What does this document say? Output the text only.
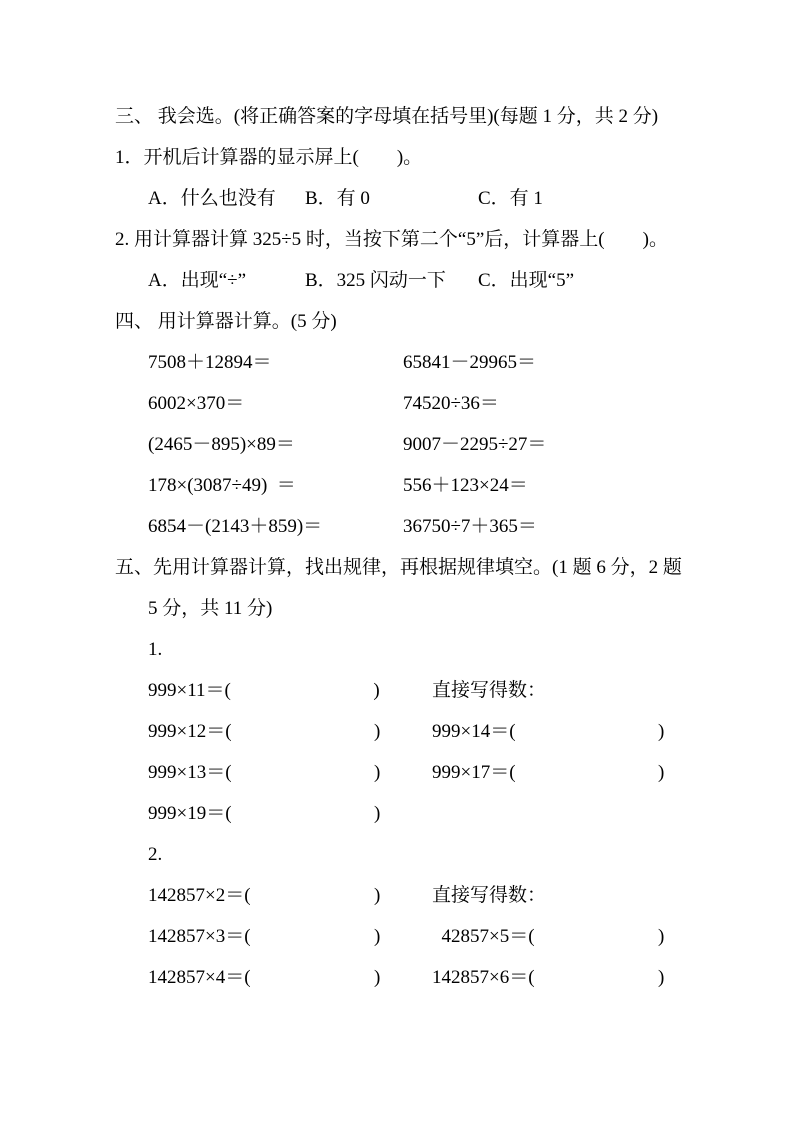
三、 我会选。(将正确答案的字母填在括号里)(每题 1 分，共 2 分)
1．开机后计算器的显示屏上(        )。
A．什么也没有	B．有 0	C．有 1
2. 用计算器计算 325÷5 时，当按下第二个“5”后，计算器上(        )。
A．出现“÷”	B．325 闪动一下	C．出现“5”
四、 用计算器计算。(5 分)
7508＋12894＝	65841－29965＝
6002×370＝	74520÷36＝
(2465－895)×89＝	9007－2295÷27＝
178×(3087÷49)  ＝	556＋123×24＝
6854－(2143＋859)＝	36750÷7＋365＝
五、先用计算器计算，找出规律，再根据规律填空。(1 题 6 分，2 题
5 分，共 11 分)
1.
999×11＝(                              )	直接写得数：
999×12＝(                              )	999×14＝(                              )
999×13＝(                              )	999×17＝(                              )
999×19＝(                              )
2.
142857×2＝(                          )	直接写得数：
142857×3＝(                          )	42857×5＝(                          )
142857×4＝(                          )	142857×6＝(                          )
